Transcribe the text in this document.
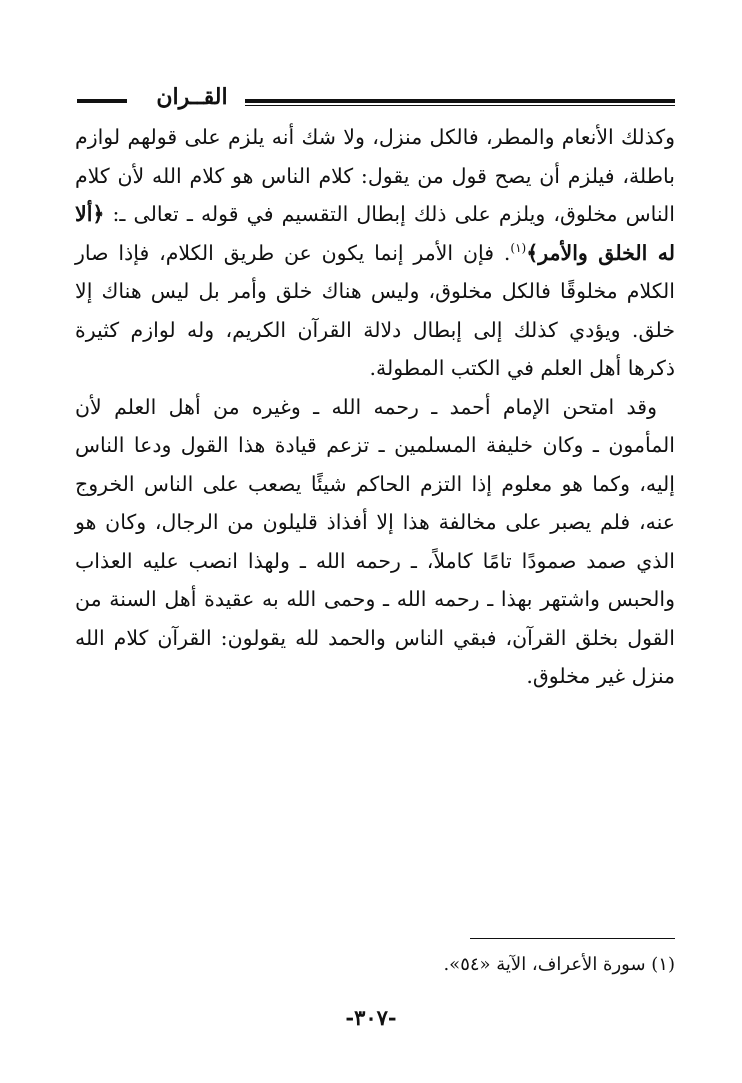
القــران

وكذلك الأنعام والمطر، فالكل منزل، ولا شك أنه يلزم على قولهم لوازم باطلة، فيلزم أن يصح قول من يقول: كلام الناس هو كلام الله لأن كلام الناس مخلوق، ويلزم على ذلك إبطال التقسيم في قوله ـ تعالى ـ: ﴿ألا له الخلق والأمر﴾$^{(١)}$. فإن الأمر إنما يكون عن طريق الكلام، فإذا صار الكلام مخلوقًا فالكل مخلوق، وليس هناك خلق وأمر بل ليس هناك إلا خلق. ويؤدي كذلك إلى إبطال دلالة القرآن الكريم، وله لوازم كثيرة ذكرها أهل العلم في الكتب المطولة.

وقد امتحن الإمام أحمد ـ رحمه الله ـ وغيره من أهل العلم لأن المأمون ـ وكان خليفة المسلمين ـ تزعم قيادة هذا القول ودعا الناس إليه، وكما هو معلوم إذا التزم الحاكم شيئًا يصعب على الناس الخروج عنه، فلم يصبر على مخالفة هذا إلا أفذاذ قليلون من الرجال، وكان هو الذي صمد صمودًا تامًا كاملاً، ـ رحمه الله ـ ولهذا انصب عليه العذاب والحبس واشتهر بهذا ـ رحمه الله ـ وحمى الله به عقيدة أهل السنة من القول بخلق القرآن، فبقي الناس والحمد لله يقولون: القرآن كلام الله منزل غير مخلوق.

(١) سورة الأعراف، الآية «٥٤».
-٣٠٧-
